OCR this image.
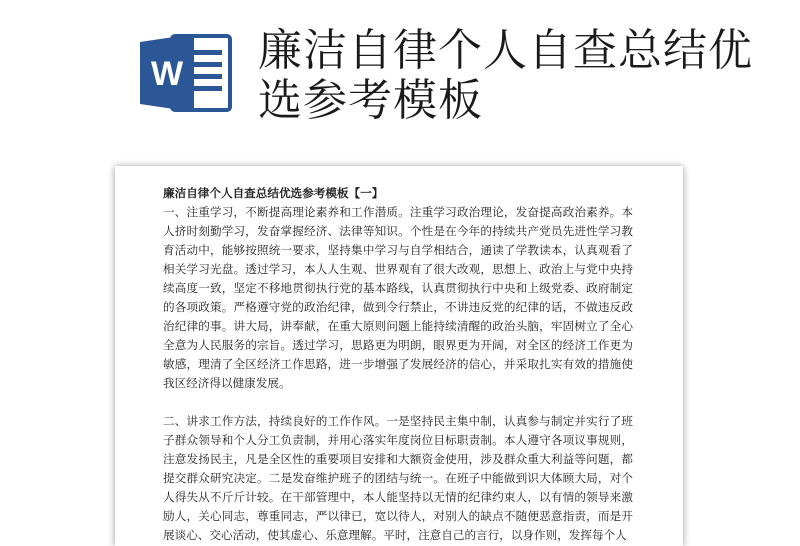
W 廉洁自律个人自查总结优选参考模板

廉洁自律个人自查总结优选参考模板【一】

一、注重学习，不断提高理论素养和工作潜质。注重学习政治理论，发奋提高政治素养。本人挤时刻勤学习，发奋掌握经济、法律等知识。个性是在今年的持续共产党员先进性学习教育活动中，能够按照统一要求，坚持集中学习与自学相结合，通读了学教读本，认真观看了相关学习光盘。透过学习，本人人生观、世界观有了很大改观，思想上、政治上与党中央持续高度一致，坚定不移地贯彻执行党的基本路线，认真贯彻执行中央和上级党委、政府制定的各项政策。严格遵守党的政治纪律，做到令行禁止，不讲违反党的纪律的话，不做违反政治纪律的事。讲大局，讲奉献，在重大原则问题上能持续清醒的政治头脑，牢固树立了全心全意为人民服务的宗旨。透过学习，思路更为明朗，眼界更为开阔，对全区的经济工作更为敏感，理清了全区经济工作思路，进一步增强了发展经济的信心，并采取扎实有效的措施使我区经济得以健康发展。

二、讲求工作方法，持续良好的工作作风。一是坚持民主集中制，认真参与制定并实行了班子群众领导和个人分工负责制，并用心落实年度岗位目标职责制。本人遵守各项议事规则，注意发扬民主，凡是全区性的重要项目安排和大额资金使用，涉及群众重大利益等问题，都提交群众研究决定。二是发奋维护班子的团结与统一。在班子中能做到识大体顾大局，对个人得失从不斤斤计较。在干部管理中，本人能坚持以无情的纪律约束人，以有情的领导来激励人，关心同志，尊重同志，严以律已，宽以待人，对别人的缺点不随便恶意指责，而是开展谈心、交心活动，使其虚心、乐意理解。平时，注意自己的言行，以身作则，发挥每个人
